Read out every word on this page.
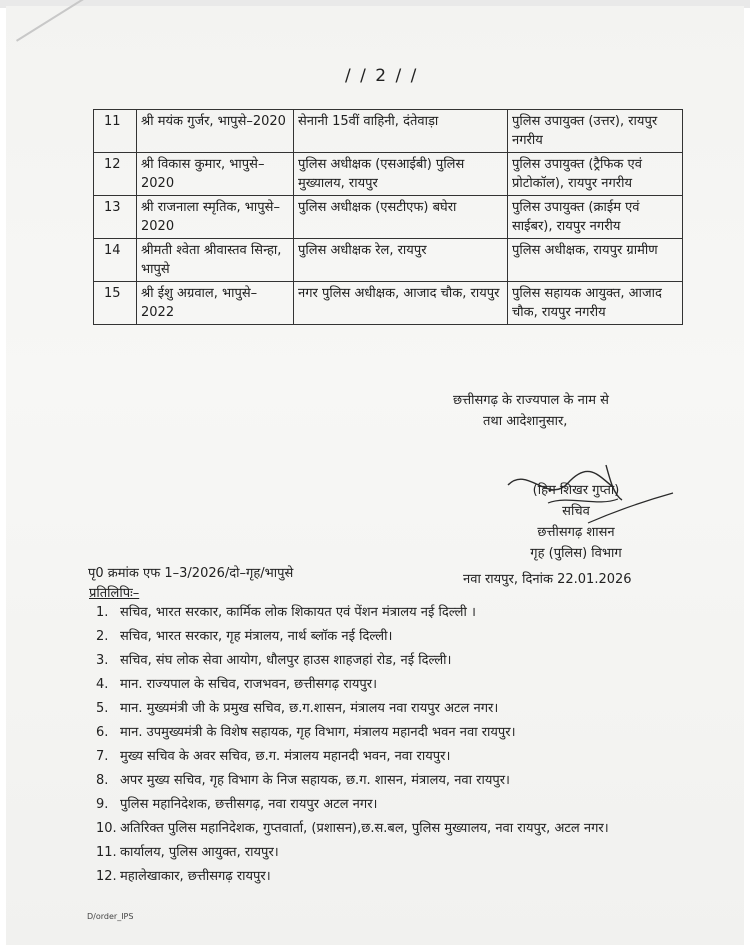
/ / 2 / /
11	श्री मयंक गुर्जर, भापुसे–2020	सेनानी 15वीं वाहिनी, दंतेवाड़ा	पुलिस उपायुक्त (उत्तर), रायपुर नगरीय
12	श्री विकास कुमार, भापुसे–2020	पुलिस अधीक्षक (एसआईबी) पुलिस मुख्यालय, रायपुर	पुलिस उपायुक्त (ट्रैफिक एवं प्रोटोकॉल), रायपुर नगरीय
13	श्री राजनाला स्मृतिक, भापुसे–2020	पुलिस अधीक्षक (एसटीएफ) बघेरा	पुलिस उपायुक्त (क्राईम एवं साईबर), रायपुर नगरीय
14	श्रीमती श्वेता श्रीवास्तव सिन्हा, भापुसे	पुलिस अधीक्षक रेल, रायपुर	पुलिस अधीक्षक, रायपुर ग्रामीण
15	श्री ईशु अग्रवाल, भापुसे–2022	नगर पुलिस अधीक्षक, आजाद चौक, रायपुर	पुलिस सहायक आयुक्त, आजाद चौक, रायपुर नगरीय
छत्तीसगढ़ के राज्यपाल के नाम से
तथा आदेशानुसार,
(हिम शिखर गुप्ता)
सचिव
छत्तीसगढ़ शासन
गृह (पुलिस) विभाग
पृ0 क्रमांक एफ 1–3/2026/दो–गृह/भापुसे	नवा रायपुर, दिनांक 22.01.2026
प्रतिलिपिः–
1. सचिव, भारत सरकार, कार्मिक लोक शिकायत एवं पेंशन मंत्रालय नई दिल्ली ।
2. सचिव, भारत सरकार, गृह मंत्रालय, नार्थ ब्लॉक नई दिल्ली।
3. सचिव, संघ लोक सेवा आयोग, धौलपुर हाउस शाहजहां रोड, नई दिल्ली।
4. मान. राज्यपाल के सचिव, राजभवन, छत्तीसगढ़ रायपुर।
5. मान. मुख्यमंत्री जी के प्रमुख सचिव, छ.ग.शासन, मंत्रालय नवा रायपुर अटल नगर।
6. मान. उपमुख्यमंत्री के विशेष सहायक, गृह विभाग, मंत्रालय महानदी भवन नवा रायपुर।
7. मुख्य सचिव के अवर सचिव, छ.ग. मंत्रालय महानदी भवन, नवा रायपुर।
8. अपर मुख्य सचिव, गृह विभाग के निज सहायक, छ.ग. शासन, मंत्रालय, नवा रायपुर।
9. पुलिस महानिदेशक, छत्तीसगढ़, नवा रायपुर अटल नगर।
10. अतिरिक्त पुलिस महानिदेशक, गुप्तवार्ता, (प्रशासन),छ.स.बल, पुलिस मुख्यालय, नवा रायपुर, अटल नगर।
11. कार्यालय, पुलिस आयुक्त, रायपुर।
12. महालेखाकार, छत्तीसगढ़ रायपुर।
D/order_IPS
